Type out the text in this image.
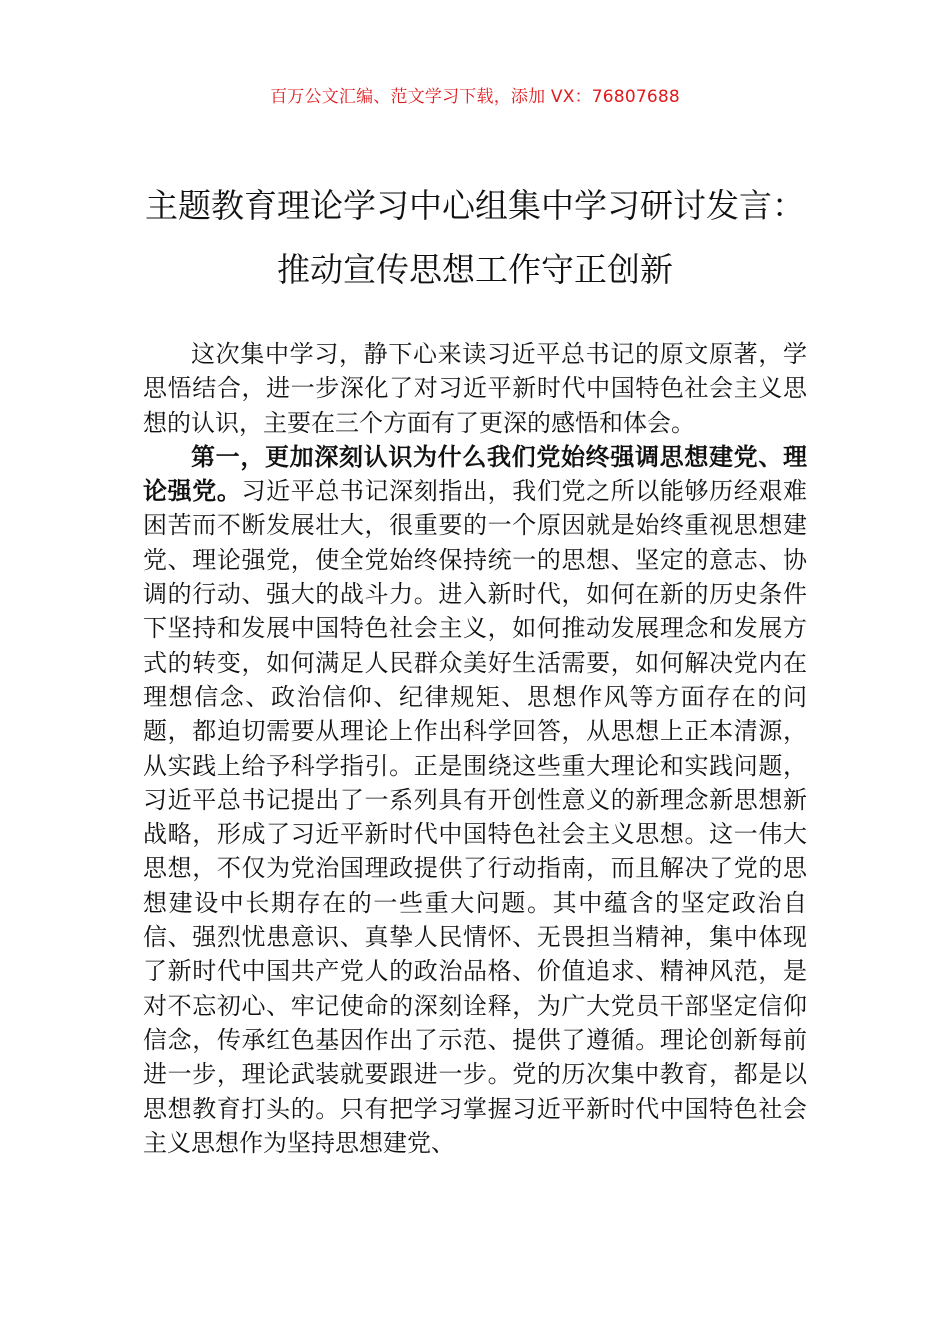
百万公文汇编、范文学习下载，添加 VX：76807688
主题教育理论学习中心组集中学习研讨发言：推动宣传思想工作守正创新

这次集中学习，静下心来读习近平总书记的原文原著，学思悟结合，进一步深化了对习近平新时代中国特色社会主义思想的认识，主要在三个方面有了更深的感悟和体会。

第一，更加深刻认识为什么我们党始终强调思想建党、理论强党。习近平总书记深刻指出，我们党之所以能够历经艰难困苦而不断发展壮大，很重要的一个原因就是始终重视思想建党、理论强党，使全党始终保持统一的思想、坚定的意志、协调的行动、强大的战斗力。进入新时代，如何在新的历史条件下坚持和发展中国特色社会主义，如何推动发展理念和发展方式的转变，如何满足人民群众美好生活需要，如何解决党内在理想信念、政治信仰、纪律规矩、思想作风等方面存在的问题，都迫切需要从理论上作出科学回答，从思想上正本清源，从实践上给予科学指引。正是围绕这些重大理论和实践问题，习近平总书记提出了一系列具有开创性意义的新理念新思想新战略，形成了习近平新时代中国特色社会主义思想。这一伟大思想，不仅为党治国理政提供了行动指南，而且解决了党的思想建设中长期存在的一些重大问题。其中蕴含的坚定政治自信、强烈忧患意识、真挚人民情怀、无畏担当精神，集中体现了新时代中国共产党人的政治品格、价值追求、精神风范，是对不忘初心、牢记使命的深刻诠释，为广大党员干部坚定信仰信念，传承红色基因作出了示范、提供了遵循。理论创新每前进一步，理论武装就要跟进一步。党的历次集中教育，都是以思想教育打头的。只有把学习掌握习近平新时代中国特色社会主义思想作为坚持思想建党、
